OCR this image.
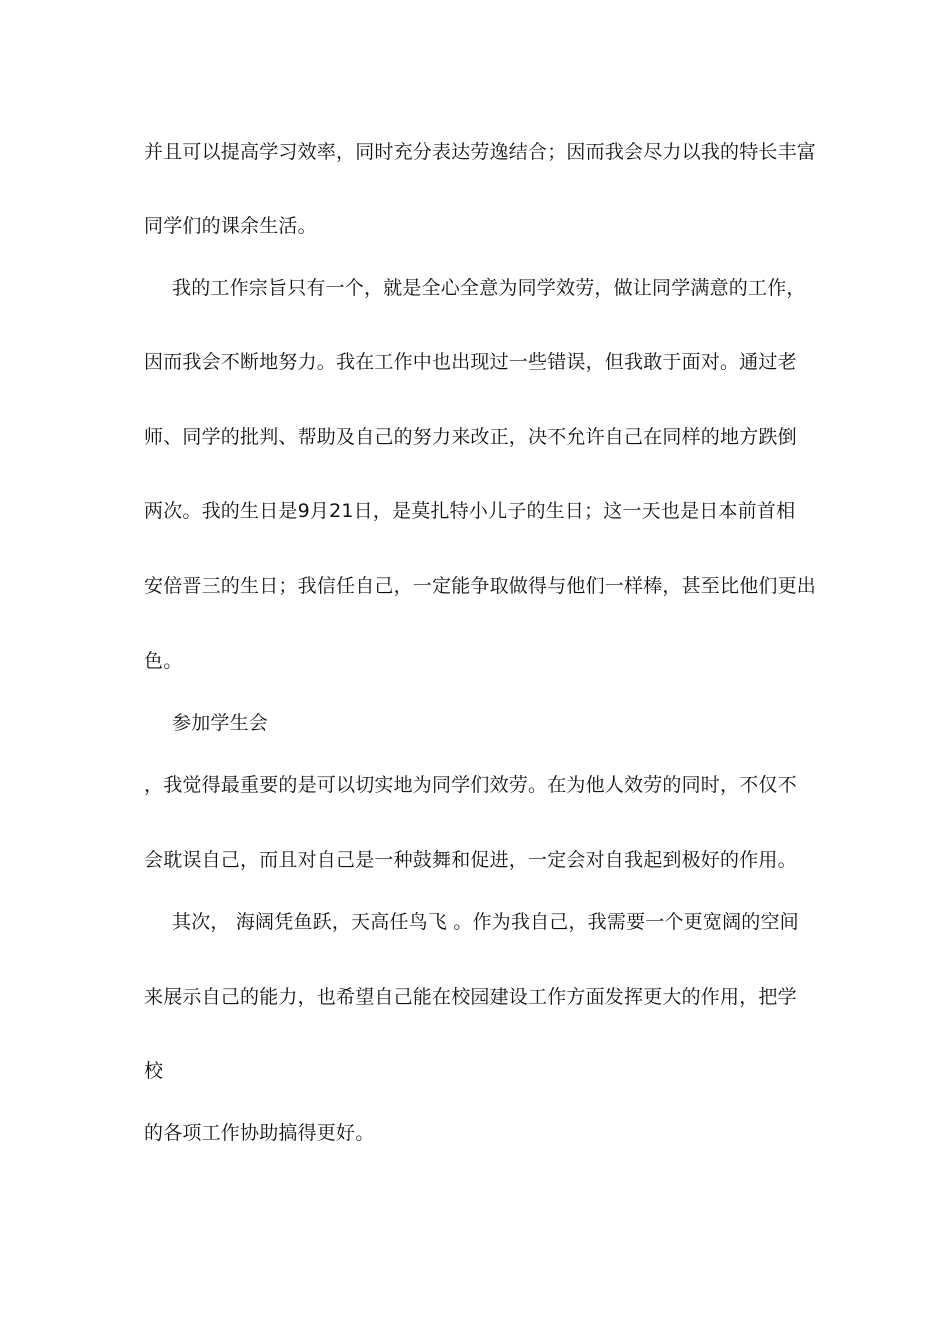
并且可以提高学习效率，同时充分表达劳逸结合；因而我会尽力以我的特长丰富
同学们的课余生活。
我的工作宗旨只有一个，就是全心全意为同学效劳，做让同学满意的工作，
因而我会不断地努力。我在工作中也出现过一些错误，但我敢于面对。通过老
师、同学的批判、帮助及自己的努力来改正，决不允许自己在同样的地方跌倒
两次。我的生日是9月21日，是莫扎特小儿子的生日；这一天也是日本前首相
安倍晋三的生日；我信任自己，一定能争取做得与他们一样棒，甚至比他们更出
色。
参加学生会
，我觉得最重要的是可以切实地为同学们效劳。在为他人效劳的同时，不仅不
会耽误自己，而且对自己是一种鼓舞和促进，一定会对自我起到极好的作用。
其次， 海阔凭鱼跃，天高任鸟飞 。作为我自己，我需要一个更宽阔的空间
来展示自己的能力，也希望自己能在校园建设工作方面发挥更大的作用，把学
校
的各项工作协助搞得更好。
